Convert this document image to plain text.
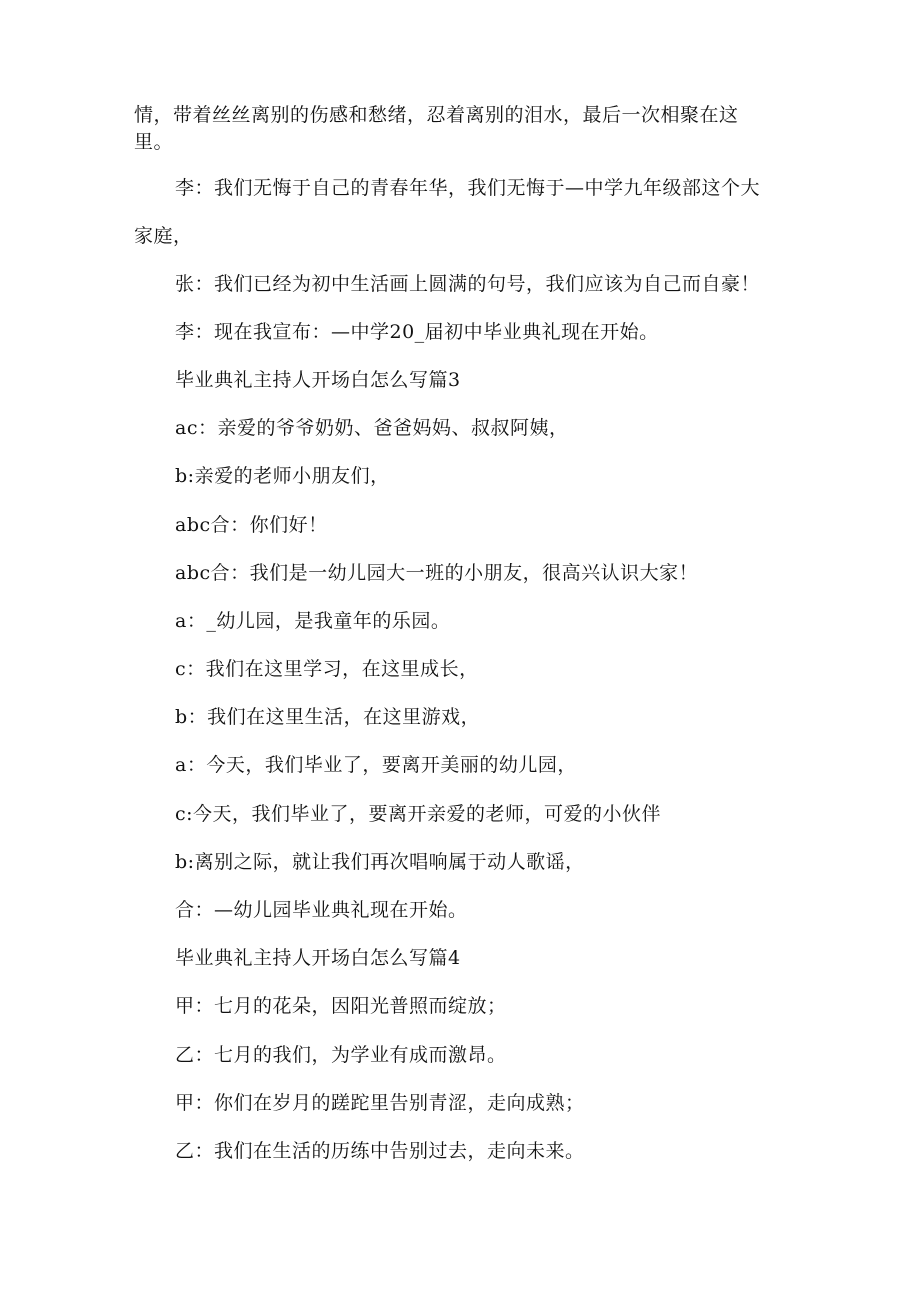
情，带着丝丝离别的伤感和愁绪，忍着离别的泪水，最后一次相聚在这
里。
李：我们无悔于自己的青春年华，我们无悔于—中学九年级部这个大
家庭，
张：我们已经为初中生活画上圆满的句号，我们应该为自己而自豪！
李：现在我宣布：—中学20_届初中毕业典礼现在开始。
毕业典礼主持人开场白怎么写篇3
ac：亲爱的爷爷奶奶、爸爸妈妈、叔叔阿姨，
b:亲爱的老师小朋友们，
abc合：你们好！
abc合：我们是一幼儿园大一班的小朋友，很高兴认识大家！
a：_幼儿园，是我童年的乐园。
c：我们在这里学习，在这里成长，
b：我们在这里生活，在这里游戏，
a：今天，我们毕业了，要离开美丽的幼儿园，
c:今天，我们毕业了，要离开亲爱的老师，可爱的小伙伴
b:离别之际，就让我们再次唱响属于动人歌谣，
合：—幼儿园毕业典礼现在开始。
毕业典礼主持人开场白怎么写篇4
甲：七月的花朵，因阳光普照而绽放；
乙：七月的我们，为学业有成而激昂。
甲：你们在岁月的蹉跎里告别青涩，走向成熟；
乙：我们在生活的历练中告别过去，走向未来。
